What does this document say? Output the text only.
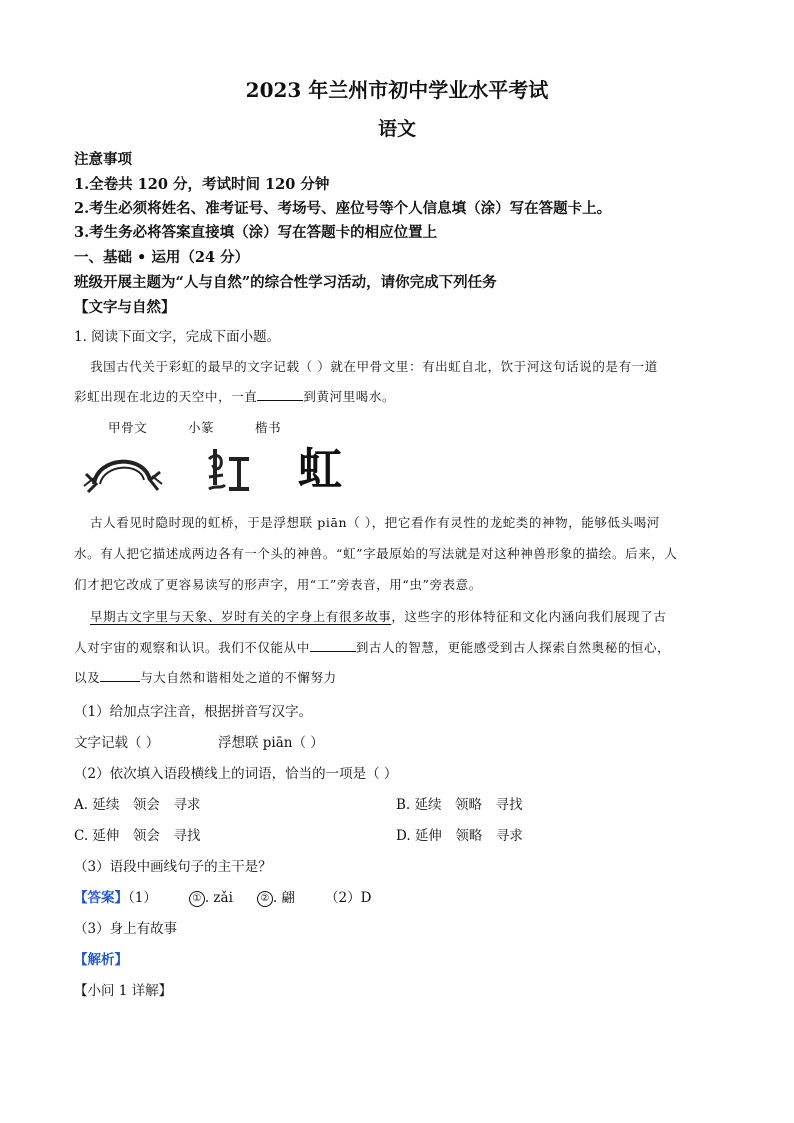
2023 年兰州市初中学业水平考试
语文
注意事项
1.全卷共 120 分，考试时间 120 分钟
2.考生必须将姓名、准考证号、考场号、座位号等个人信息填（涂）写在答题卡上。
3.考生务必将答案直接填（涂）写在答题卡的相应位置上
一、基础 • 运用（24 分）
班级开展主题为“人与自然”的综合性学习活动，请你完成下列任务
【文字与自然】
1. 阅读下面文字，完成下面小题。
我国古代关于彩虹的最早的文字记载（ ）就在甲骨文里：有出虹自北，饮于河这句话说的是有一道
彩虹出现在北边的天空中，一直	到黄河里喝水。
甲骨文	小篆	楷书
虹
古人看见时隐时现的虹桥，于是浮想联 piān（ ），把它看作有灵性的龙蛇类的神物，能够低头喝河
水。有人把它描述成两边各有一个头的神兽。“虹”字最原始的写法就是对这种神兽形象的描绘。后来，人
们才把它改成了更容易读写的形声字，用“工”旁表音，用“虫”旁表意。
早期古文字里与天象、岁时有关的字身上有很多故事，这些字的形体特征和文化内涵向我们展现了古
人对宇宙的观察和认识。我们不仅能从中	到古人的智慧，更能感受到古人探索自然奥秘的恒心，
以及	与大自然和谐相处之道的不懈努力
（1）给加点字注音，根据拼音写汉字。
文字记载（ ）	浮想联 piān（ ）
（2）依次填入语段横线上的词语，恰当的一项是（ ）
A. 延续　领会　寻求	B. 延续　领略　寻找
C. 延伸　领会　寻找	D. 延伸　领略　寻求
（3）语段中画线句子的主干是？
【答案】（1）	① . zǎi	② . 翩 （2）D
（3）身上有故事
【解析】
【小问 1 详解】
